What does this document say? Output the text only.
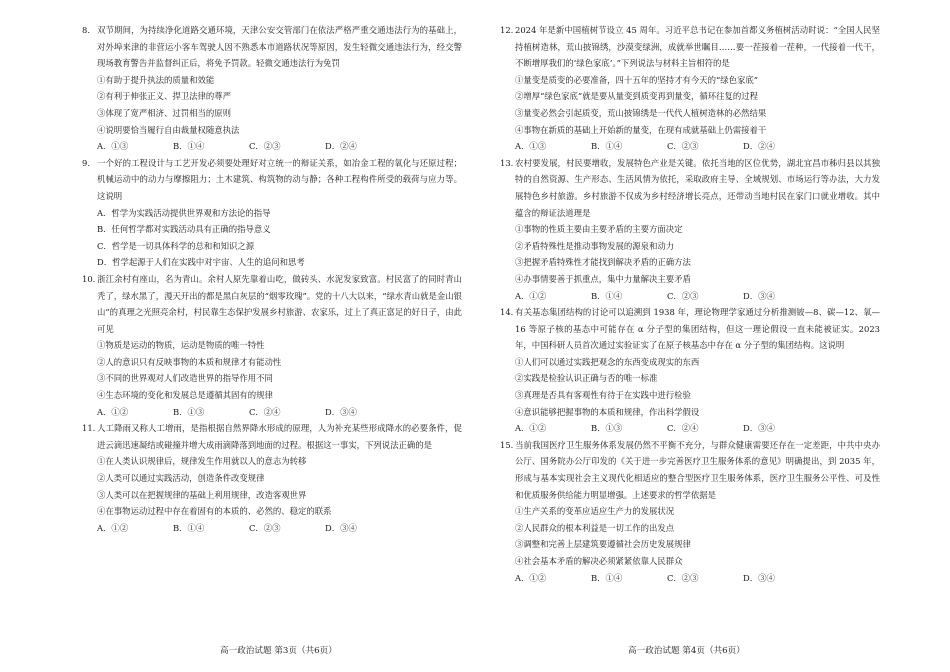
8. 双节期间，为持续净化道路交通环境，天津公安交管部门在依法严格严重交通违法行为的基础上，对外埠来津的非营运小客车驾驶人因不熟悉本市道路状况等原因，发生轻微交通违法行为，经交警现场教育警告并监督纠正后，将免予罚款。轻微交通违法行为免罚

①有助于提升执法的质量和效能

②有利于伸张正义、捍卫法律的尊严

③体现了宽严相济、过罚相当的原则

④说明要恰当履行自由裁量权随意执法

A．①③	B．①④	C．②③	D．②④

9. 一个好的工程设计与工艺开发必须要处理好对立统一的辩证关系，如冶金工程的氧化与还原过程；机械运动中的动力与摩擦阻力；土木建筑、构筑物的动与静；各种工程构件所受的载荷与应力等。这说明

A．哲学为实践活动提供世界观和方法论的指导

B．任何哲学都对实践活动具有正确的指导意义

C．哲学是一切具体科学的总和和知识之源

D．哲学起源于人们在实践中对宇宙、人生的追问和思考

10. 浙江余村有座山，名为青山。余村人原先靠着山吃，做砖头、水泥发家致富。村民富了的同时青山秃了，绿水黑了，漫天开出的都是黑白灰层的“烟零玫瑰”。党的十八大以来，“绿水青山就是金山银山”的真理之光照亮余村，村民靠生态保护发展乡村旅游、农家乐，过上了真正富足的好日子，由此可见

①物质是运动的物质，运动是物质的唯一特性

②人的意识只有反映事物的本质和规律才有能动性

③不同的世界观对人们改造世界的指导作用不同

④生态环境的变化和发展总是遵循其固有的规律

A．①②	B．①③	C．②④	D．③④

11. 人工降雨又称人工增雨，是指根据自然界降水形成的原理，人为补充某些形成降水的必要条件，促进云滴迅速凝结或碰撞并增大成雨滴降落到地面的过程。根据这一事实，下列说法正确的是

①在人类认识规律后，规律发生作用就以人的意志为转移

②人类可以通过实践活动，创造条件改变规律

③人类可以在把握规律的基础上利用规律，改造客观世界

④在事物运动过程中存在着固有的本质的、必然的、稳定的联系

A．①②	B．①④	C．②③	D．③④

12. 2024 年是新中国植树节设立 45 周年。习近平总书记在参加首都义务植树活动时说：“全国人民坚持植树造林，荒山披锦绣，沙漠变绿洲，成就举世瞩目……要一茬接着一茬种，一代接着一代干，不断增厚我们的‘绿色家底’。”下列说法与材料主旨相符的是

①量变是质变的必要准备，四十五年的坚持才有今天的“绿色家底”

②增厚“绿色家底”就是要从量变到质变再到量变，循环往复的过程

③量变必然会引起质变，荒山披锦绣是一代代人植树造林的必然结果

④事物在新质的基础上开始新的量变，在现有成就基础上仍需接着干

A．①③	B．①④	C．②③	D．②④

13. 农村要发展，村民要增收，发展特色产业是关键。依托当地的区位优势，湖北宜昌市秭归县以其独特的自然资源、生产形态、生活风情为依托，采取政府主导、全域规划、市场运行等办法，大力发展特色乡村旅游。乡村旅游不仅成为乡村经济增长亮点，还带动当地村民在家门口就业增收。其中蕴含的辩证法道理是

①事物的性质主要由主要矛盾的主要方面决定

②矛盾特殊性是推动事物发展的源泉和动力

③把握矛盾特殊性才能找到解决矛盾的正确方法

④办事情要善于抓重点，集中力量解决主要矛盾

A．①②	B．①④	C．②③	D．③④

14. 有关基态集团结构的讨论可以追溯到 1938 年，理论物理学家通过分析推测铍—8、碳—12、氧—16 等原子核的基态中可能存在 α 分子型的集团结构，但这一理论假设一直未能被证实。2023 年，中国科研人员首次通过实验证实了在原子核基态中存在 α 分子型的集团结构。这说明

①人们可以通过实践把观念的东西变成现实的东西

②实践是检验认识正确与否的唯一标准

③真理是否具有客观性有待于在实践中进行检验

④意识能够把握事物的本质和规律，作出科学假设

A．①②	B．①③	C．②④	D．③④

15. 当前我国医疗卫生服务体系发展仍然不平衡不充分，与群众健康需要还存在一定差距，中共中央办公厅、国务院办公厅印发的《关于进一步完善医疗卫生服务体系的意见》明确提出，到 2035 年，形成与基本实现社会主义现代化相适应的整合型医疗卫生服务体系，医疗卫生服务公平性、可及性和优质服务供给能力明显增强。上述要求的哲学依据是

①生产关系的变革应适应生产力的发展状况

②人民群众的根本利益是一切工作的出发点

③调整和完善上层建筑要遵循社会历史发展规律

④社会基本矛盾的解决必须紧紧依靠人民群众

A．①②	B．①④	C．②③	D．③④

高一政治试题 第3页（共6页）	高一政治试题 第4页（共6页）
